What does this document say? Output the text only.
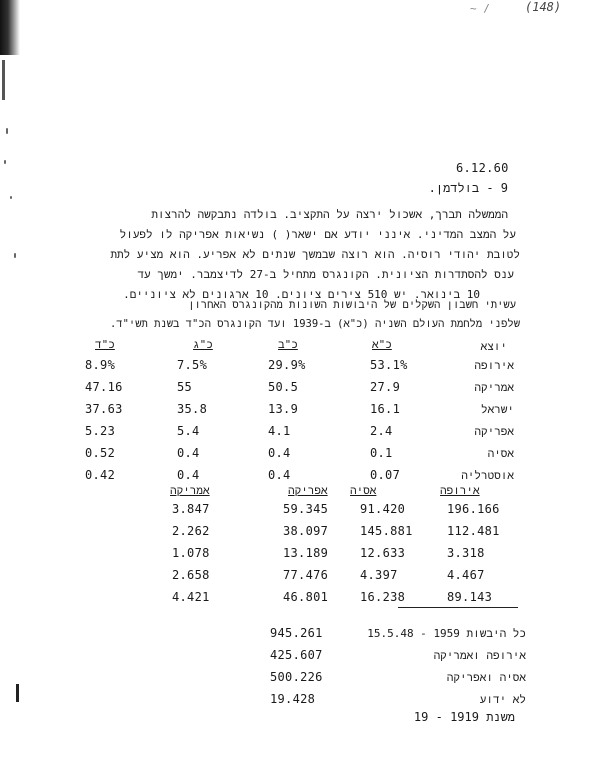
(148)
~ /
6.12.60
9 - בולדמן.
הממשלה תברך, אשכול ירצה על התקציב. בולדה נתבקשה להרצות
על המצב המדיני. אינני יודע אם ישאר( ) נשיאות אפריקה לו לפעול
לטובת יהודי רוסיה. הוא רוצה שבמשך שנתים לא אפריע. הוא מציע לתת
ענס להסתדרות הציונית. הקונגרס מתחיל ב-27 לדיצמבר. ימשך עד
10 בינואר. יש 510 צירים ציונים. 10 ארגונים לא ציוניים.
עשיתי חשבון השקלים של היבושות השונות מהקונגרס האחרון
שלפני מלחמת העולם השניה (כ"א) ב-1939 ועד הקונגרס הכ"ד בשנת תשי"ד.
יוצא
כ"א
כ"ב
כ"ג
כ"ד
אירופה
53.1%
29.9%
7.5%
8.9%
אמריקה
27.9
50.5
55
47.16
ישראל
16.1
13.9
35.8
37.63
אפריקה
2.4
4.1
5.4
5.23
אסיה
0.1
0.4
0.4
0.52
אוסטרליה
0.07
0.4
0.4
0.42
אירופה
אסיה
אפריקה
אמריקה
196.166
91.420
59.345
3.847
112.481
145.881
38.097
2.262
3.318
12.633
13.189
1.078
4.467
4.397
77.476
2.658
89.143
16.238
46.801
4.421
כל היבשות 1959 - 15.5.48
945.261
אירופה ואמריקה
425.607
אסיה ואפריקה
500.226
לא ידוע
19.428
משנת 1919 - 19
